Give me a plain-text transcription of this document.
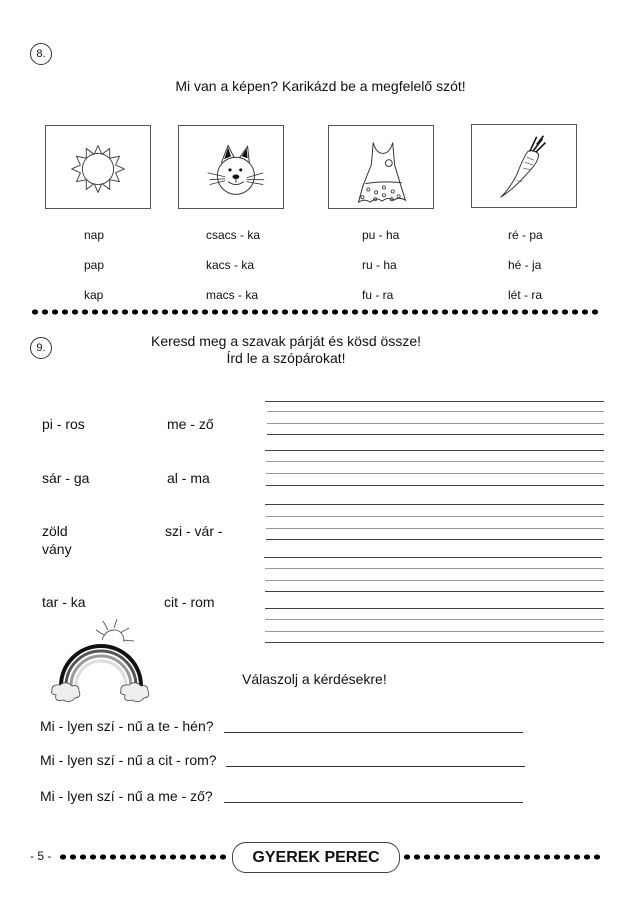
8.
Mi van a képen? Karikázd be a megfelelő szót!
nap
pap
kap
csacs - ka
kacs - ka
macs - ka
pu - ha
ru - ha
fu - ra
ré - pa
hé - ja
lét - ra
9.	Keresd meg a szavak párját és kösd össze!
Írd le a szópárokat!
pi - ros
sár - ga
zöld
vány
tar - ka
me - ző
al - ma
szi - vár -
cit - rom
Válaszolj a kérdésekre!
Mi - lyen szí - nű a te - hén?
Mi - lyen szí - nű a cit - rom?
Mi - lyen szí - nű a me - ző?
- 5 -	GYEREK PEREC
